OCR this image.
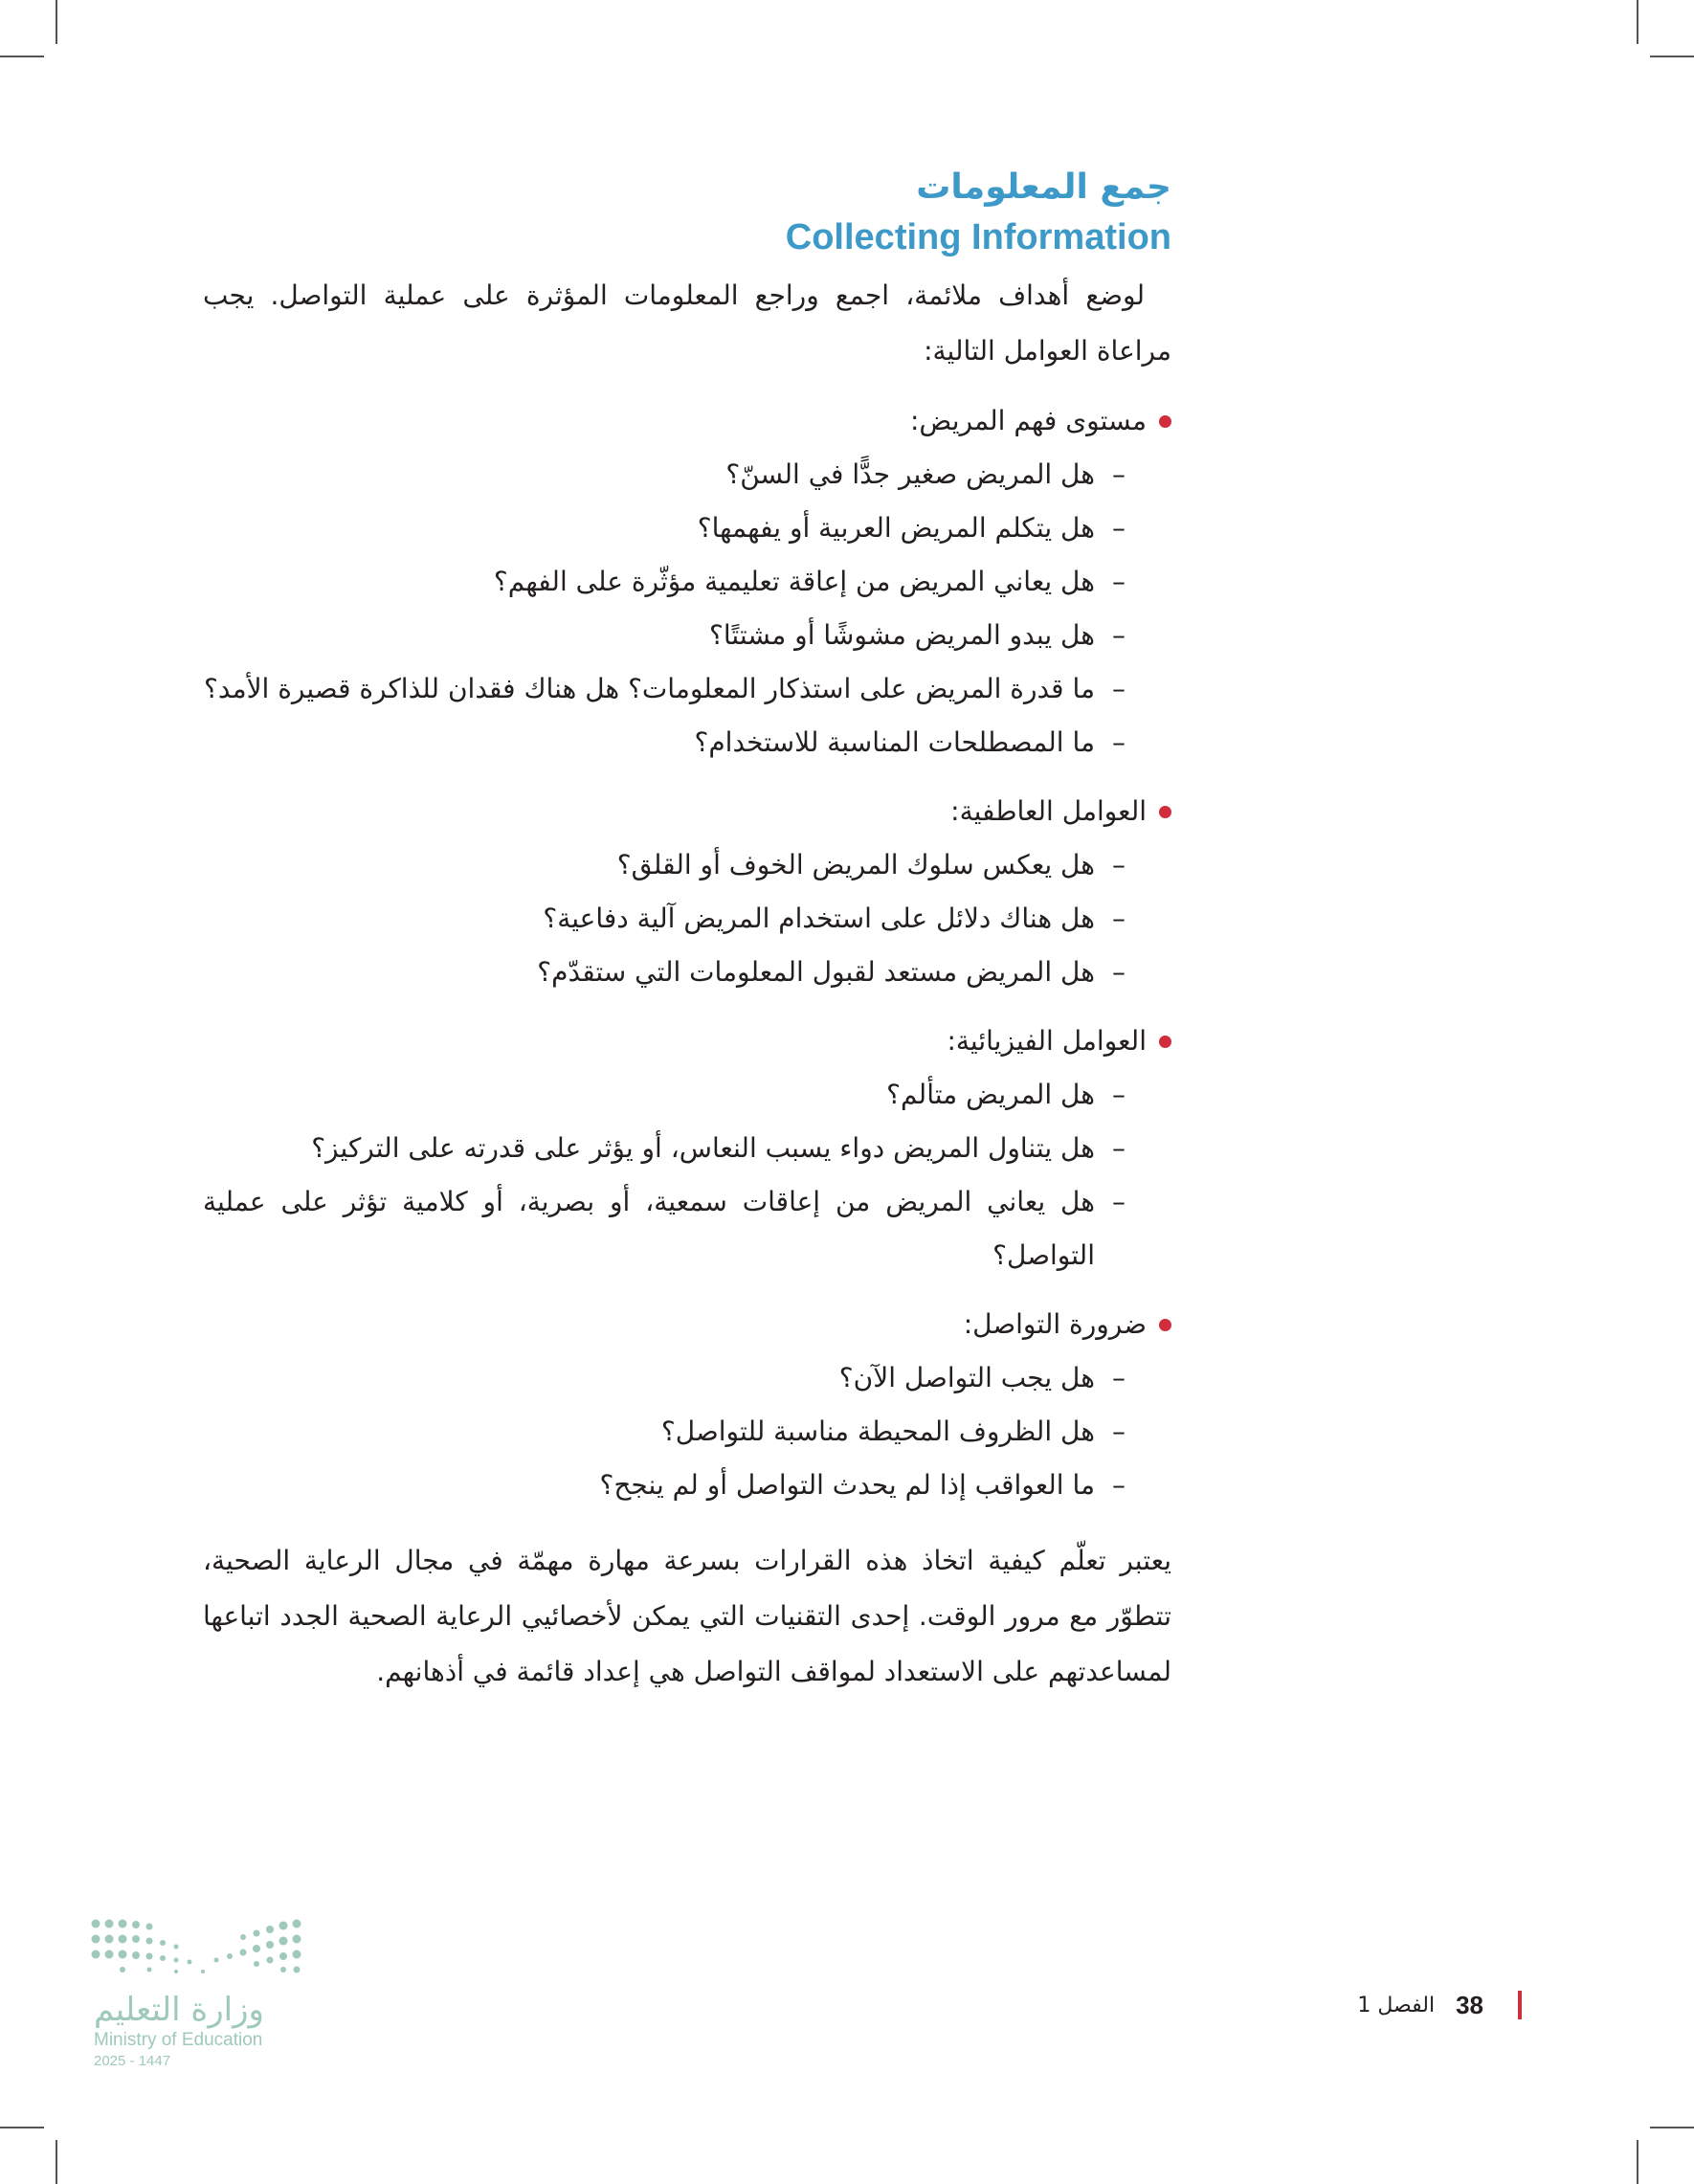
جمع المعلومات
Collecting Information

لوضع أهداف ملائمة، اجمع وراجع المعلومات المؤثرة على عملية التواصل. يجب مراعاة العوامل التالية:

مستوى فهم المريض:

–
هل المريض صغير جدًّا في السنّ؟
–
هل يتكلم المريض العربية أو يفهمها؟
–
هل يعاني المريض من إعاقة تعليمية مؤثّرة على الفهم؟
–
هل يبدو المريض مشوشًا أو مشتتًا؟
–
ما قدرة المريض على استذكار المعلومات؟ هل هناك فقدان للذاكرة قصيرة الأمد؟
–
ما المصطلحات المناسبة للاستخدام؟

العوامل العاطفية:

–
هل يعكس سلوك المريض الخوف أو القلق؟
–
هل هناك دلائل على استخدام المريض آلية دفاعية؟
–
هل المريض مستعد لقبول المعلومات التي ستقدّم؟

العوامل الفيزيائية:

–
هل المريض متألم؟
–
هل يتناول المريض دواء يسبب النعاس، أو يؤثر على قدرته على التركيز؟
–
هل يعاني المريض من إعاقات سمعية، أو بصرية، أو كلامية تؤثر على عملية التواصل؟

ضرورة التواصل:

–
هل يجب التواصل الآن؟
–
هل الظروف المحيطة مناسبة للتواصل؟
–
ما العواقب إذا لم يحدث التواصل أو لم ينجح؟

يعتبر تعلّم كيفية اتخاذ هذه القرارات بسرعة مهارة مهمّة في مجال الرعاية الصحية، تتطوّر مع مرور الوقت. إحدى التقنيات التي يمكن لأخصائيي الرعاية الصحية الجدد اتباعها لمساعدتهم على الاستعداد لمواقف التواصل هي إعداد قائمة في أذهانهم.

وزارة التعليم
Ministry of Education
2025 - 1447
الفصل 1 38
